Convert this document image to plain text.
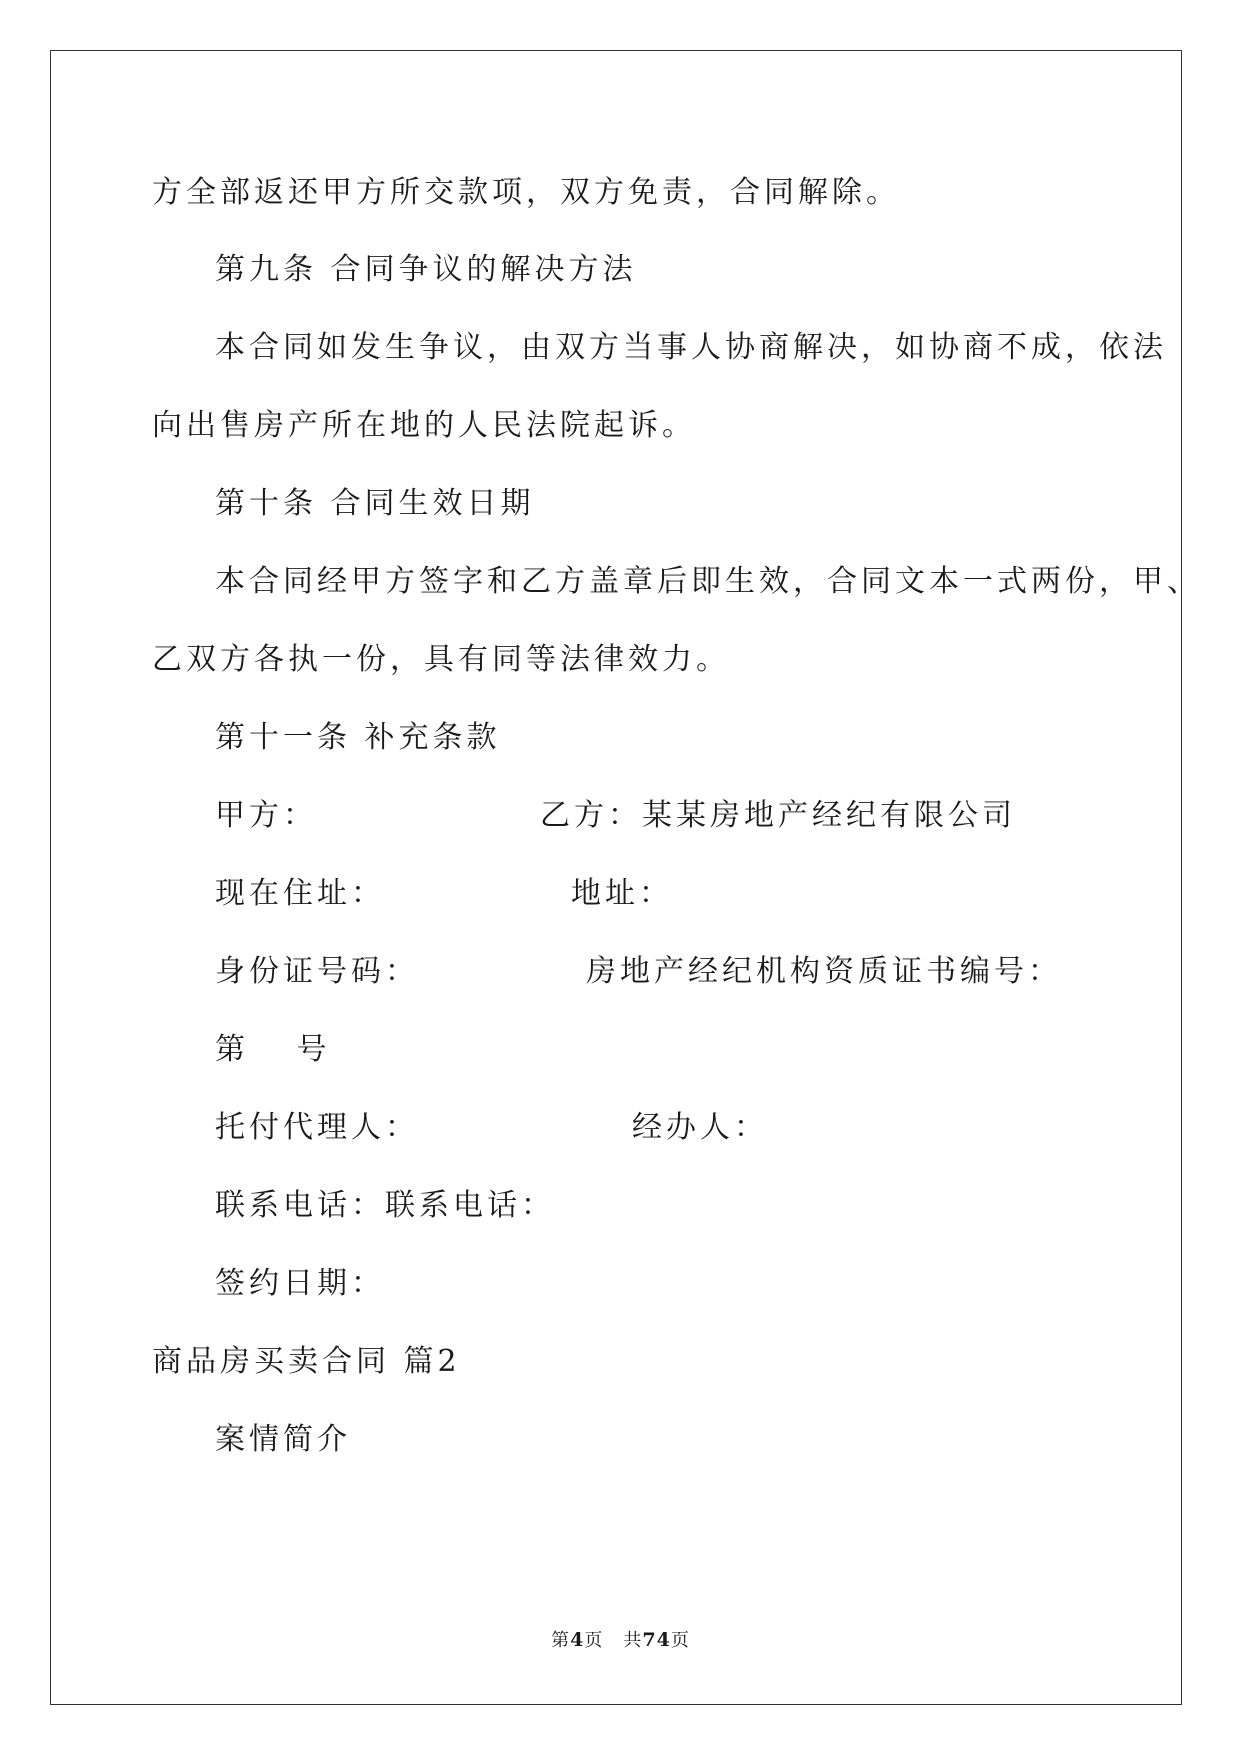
方全部返还甲方所交款项，双方免责，合同解除。
第九条 合同争议的解决方法
本合同如发生争议，由双方当事人协商解决，如协商不成，依法
向出售房产所在地的人民法院起诉。
第十条 合同生效日期
本合同经甲方签字和乙方盖章后即生效，合同文本一式两份，甲、
乙双方各执一份，具有同等法律效力。
第十一条 补充条款
甲方：	乙方：某某房地产经纪有限公司
现在住址：	地址：
身份证号码：	房地产经纪机构资质证书编号：
第　 号
托付代理人：	经办人：
联系电话：联系电话：
签约日期：
商品房买卖合同 篇2
案情简介
第4页 共74页
